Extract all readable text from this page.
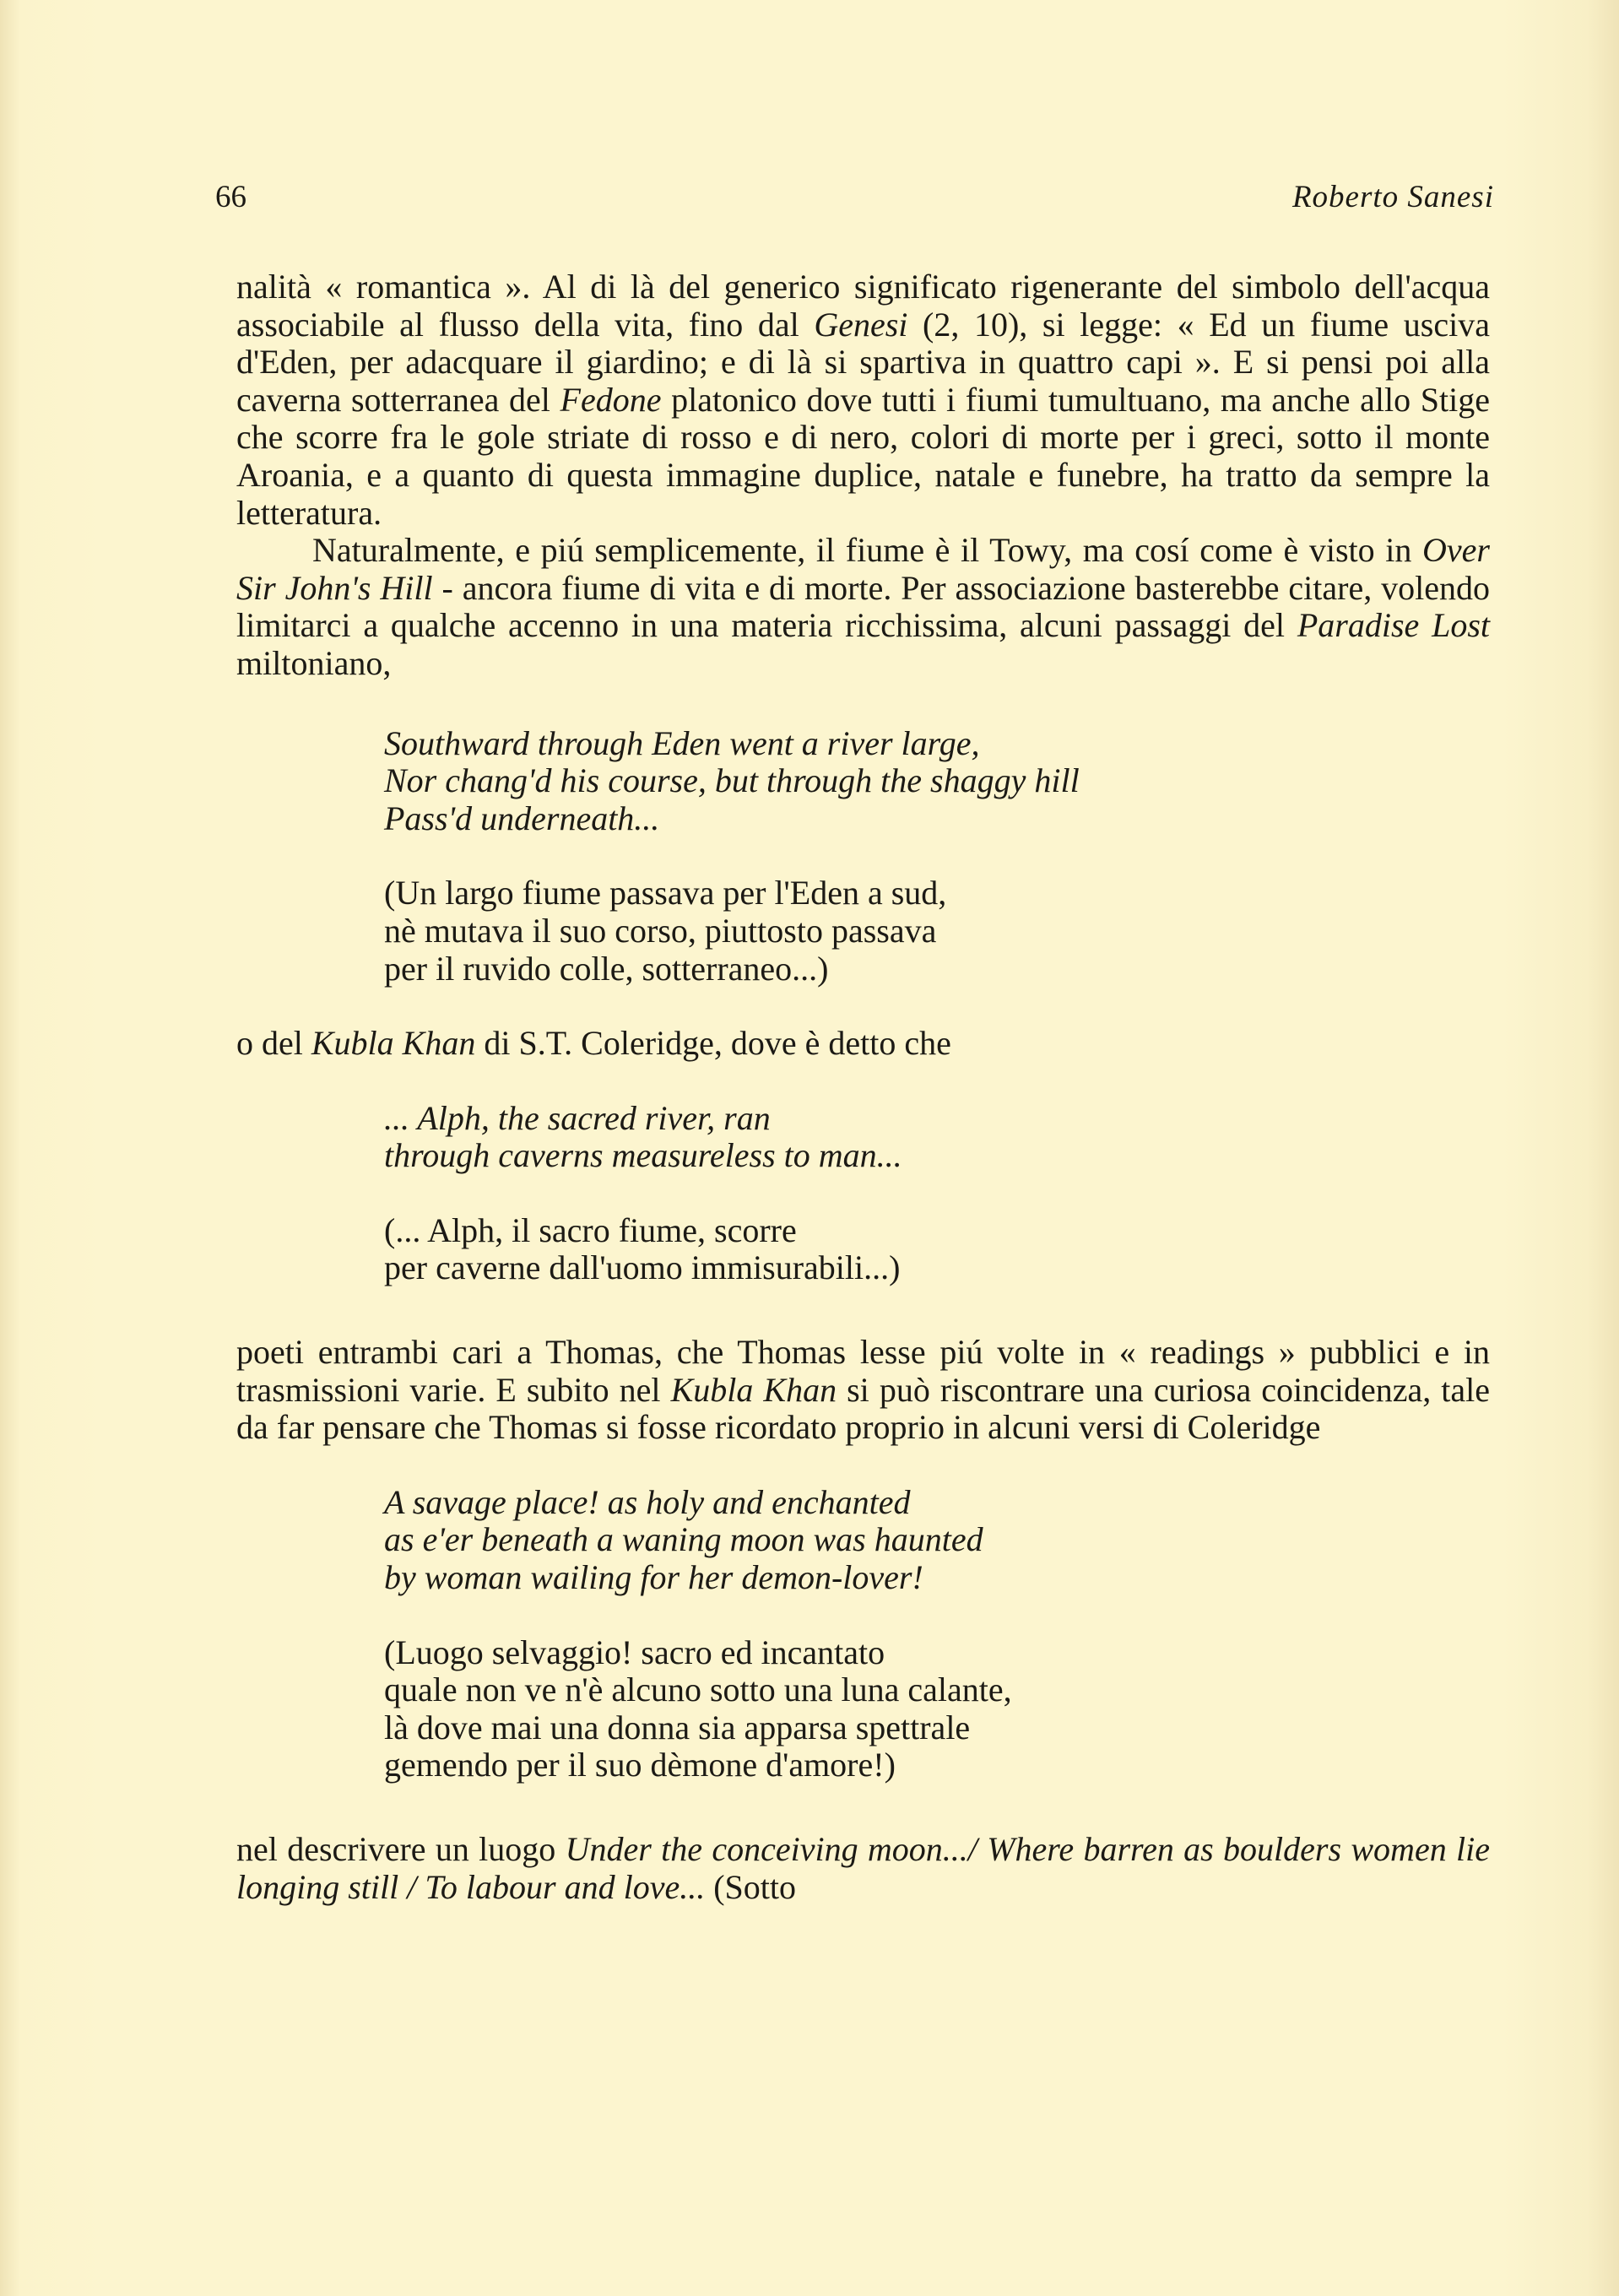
66	Roberto Sanesi

nalità « romantica ». Al di là del generico significato rigenerante del simbolo dell'acqua associabile al flusso della vita, fino dal Genesi (2, 10), si legge: « Ed un fiume usciva d'Eden, per adacquare il giardino; e di là si spartiva in quattro capi ». E si pensi poi alla caverna sotterranea del Fedone platonico dove tutti i fiumi tumultuano, ma anche allo Stige che scorre fra le gole striate di rosso e di nero, colori di morte per i greci, sotto il monte Aroania, e a quanto di questa immagine duplice, natale e funebre, ha tratto da sempre la letteratura.

Naturalmente, e piú semplicemente, il fiume è il Towy, ma cosí come è visto in Over Sir John's Hill - ancora fiume di vita e di morte. Per associazione basterebbe citare, volendo limitarci a qualche accenno in una materia ricchissima, alcuni passaggi del Paradise Lost miltoniano,

Southward through Eden went a river large,
Nor chang'd his course, but through the shaggy hill
Pass'd underneath...
(Un largo fiume passava per l'Eden a sud,
nè mutava il suo corso, piuttosto passava
per il ruvido colle, sotterraneo...)

o del Kubla Khan di S.T. Coleridge, dove è detto che

... Alph, the sacred river, ran
through caverns measureless to man...
(... Alph, il sacro fiume, scorre
per caverne dall'uomo immisurabili...)

poeti entrambi cari a Thomas, che Thomas lesse piú volte in « readings » pubblici e in trasmissioni varie. E subito nel Kubla Khan si può riscontrare una curiosa coincidenza, tale da far pensare che Thomas si fosse ricordato proprio in alcuni versi di Coleridge

A savage place! as holy and enchanted
as e'er beneath a waning moon was haunted
by woman wailing for her demon-lover!
(Luogo selvaggio! sacro ed incantato
quale non ve n'è alcuno sotto una luna calante,
là dove mai una donna sia apparsa spettrale
gemendo per il suo dèmone d'amore!)

nel descrivere un luogo Under the conceiving moon.../ Where barren as boulders women lie longing still / To labour and love... (Sotto
